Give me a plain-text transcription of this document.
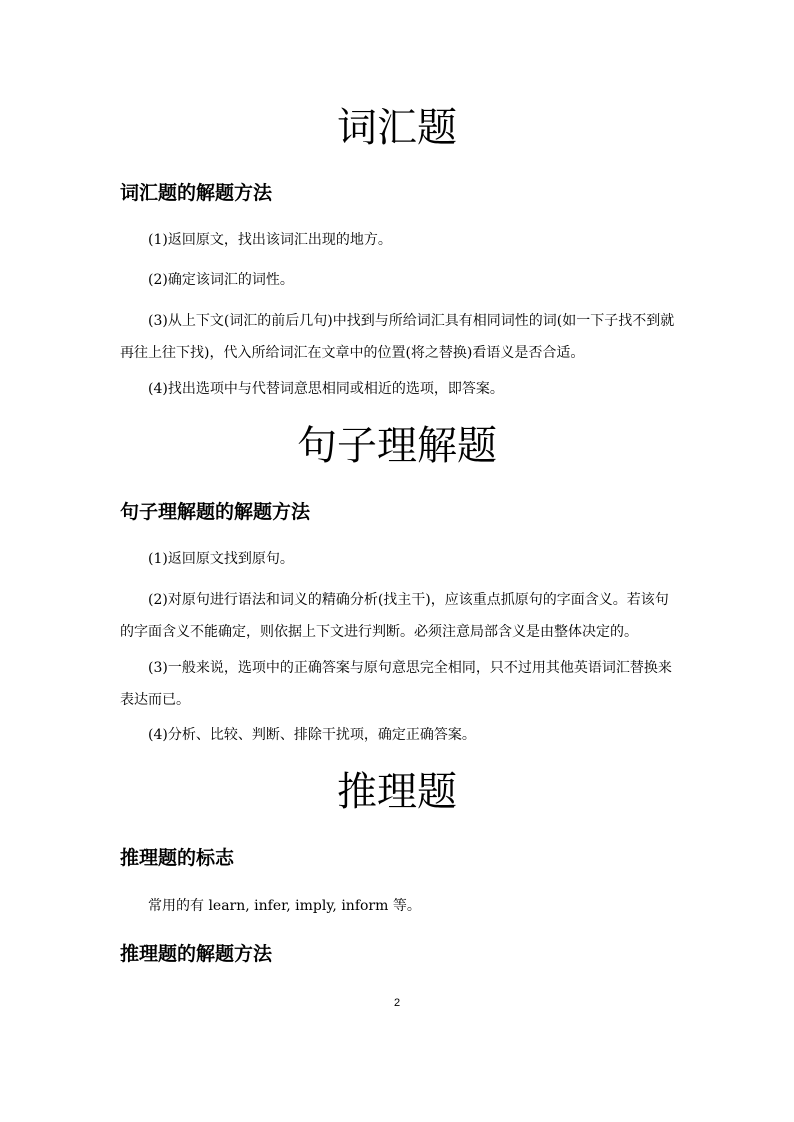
词汇题
词汇题的解题方法

(1)返回原文，找出该词汇出现的地方。

(2)确定该词汇的词性。

(3)从上下文(词汇的前后几句)中找到与所给词汇具有相同词性的词(如一下子找不到就再往上往下找)，代入所给词汇在文章中的位置(将之替换)看语义是否合适。

(4)找出选项中与代替词意思相同或相近的选项，即答案。

句子理解题
句子理解题的解题方法

(1)返回原文找到原句。

(2)对原句进行语法和词义的精确分析(找主干)，应该重点抓原句的字面含义。若该句的字面含义不能确定，则依据上下文进行判断。必须注意局部含义是由整体决定的。

(3)一般来说，选项中的正确答案与原句意思完全相同，只不过用其他英语词汇替换来表达而已。

(4)分析、比较、判断、排除干扰项，确定正确答案。

推理题
推理题的标志

常用的有 learn, infer, imply, inform 等。

推理题的解题方法
2
